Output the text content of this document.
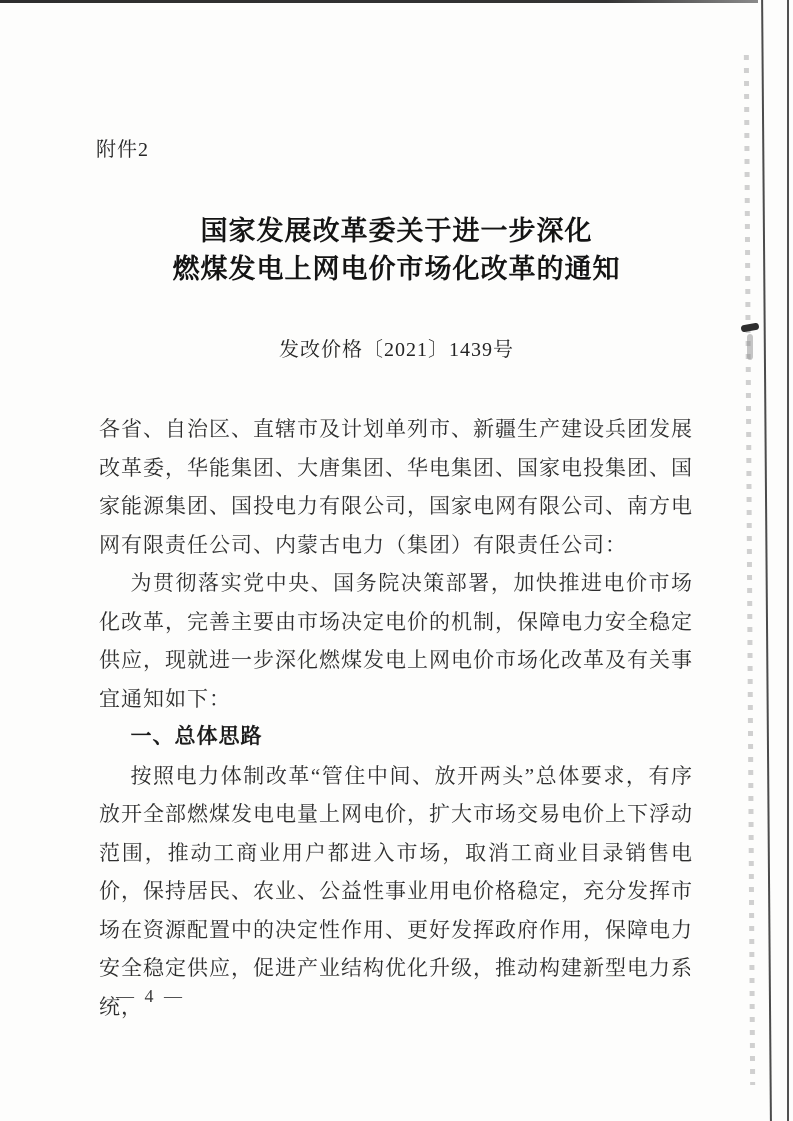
附件2
国家发展改革委关于进一步深化
燃煤发电上网电价市场化改革的通知
发改价格〔2021〕1439号

各省、自治区、直辖市及计划单列市、新疆生产建设兵团发展改革委，华能集团、大唐集团、华电集团、国家电投集团、国家能源集团、国投电力有限公司，国家电网有限公司、南方电网有限责任公司、内蒙古电力（集团）有限责任公司：

为贯彻落实党中央、国务院决策部署，加快推进电价市场化改革，完善主要由市场决定电价的机制，保障电力安全稳定供应，现就进一步深化燃煤发电上网电价市场化改革及有关事宜通知如下：

一、总体思路

按照电力体制改革“管住中间、放开两头”总体要求，有序放开全部燃煤发电电量上网电价，扩大市场交易电价上下浮动范围，推动工商业用户都进入市场，取消工商业目录销售电价，保持居民、农业、公益性事业用电价格稳定，充分发挥市场在资源配置中的决定性作用、更好发挥政府作用，保障电力安全稳定供应，促进产业结构优化升级，推动构建新型电力系统，

— 4 —
